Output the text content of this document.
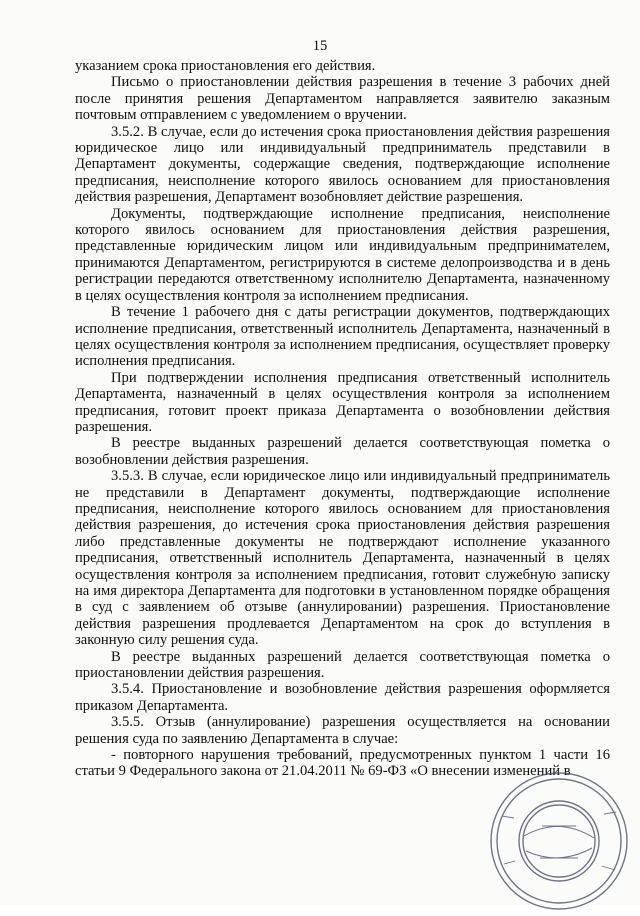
15

указанием срока приостановления его действия.

Письмо о приостановлении действия разрешения в течение 3 рабочих дней после принятия решения Департаментом направляется заявителю заказным почтовым отправлением с уведомлением о вручении.

3.5.2. В случае, если до истечения срока приостановления действия разрешения юридическое лицо или индивидуальный предприниматель представили в Департамент документы, содержащие сведения, подтверждающие исполнение предписания, неисполнение которого явилось основанием для приостановления действия разрешения, Департамент возобновляет действие разрешения.

Документы, подтверждающие исполнение предписания, неисполнение которого явилось основанием для приостановления действия разрешения, представленные юридическим лицом или индивидуальным предпринимателем, принимаются Департаментом, регистрируются в системе делопроизводства и в день регистрации передаются ответственному исполнителю Департамента, назначенному в целях осуществления контроля за исполнением предписания.

В течение 1 рабочего дня с даты регистрации документов, подтверждающих исполнение предписания, ответственный исполнитель Департамента, назначенный в целях осуществления контроля за исполнением предписания, осуществляет проверку исполнения предписания.

При подтверждении исполнения предписания ответственный исполнитель Департамента, назначенный в целях осуществления контроля за исполнением предписания, готовит проект приказа Департамента о возобновлении действия разрешения.

В реестре выданных разрешений делается соответствующая пометка о возобновлении действия разрешения.

3.5.3. В случае, если юридическое лицо или индивидуальный предприниматель не представили в Департамент документы, подтверждающие исполнение предписания, неисполнение которого явилось основанием для приостановления действия разрешения, до истечения срока приостановления действия разрешения либо представленные документы не подтверждают исполнение указанного предписания, ответственный исполнитель Департамента, назначенный в целях осуществления контроля за исполнением предписания, готовит служебную записку на имя директора Департамента для подготовки в установленном порядке обращения в суд с заявлением об отзыве (аннулировании) разрешения. Приостановление действия разрешения продлевается Департаментом на срок до вступления в законную силу решения суда.

В реестре выданных разрешений делается соответствующая пометка о приостановлении действия разрешения.

3.5.4. Приостановление и возобновление действия разрешения оформляется приказом Департамента.

3.5.5. Отзыв (аннулирование) разрешения осуществляется на основании решения суда по заявлению Департамента в случае:

- повторного нарушения требований, предусмотренных пунктом 1 части 16 статьи 9 Федерального закона от 21.04.2011 № 69-ФЗ «О внесении изменений в
